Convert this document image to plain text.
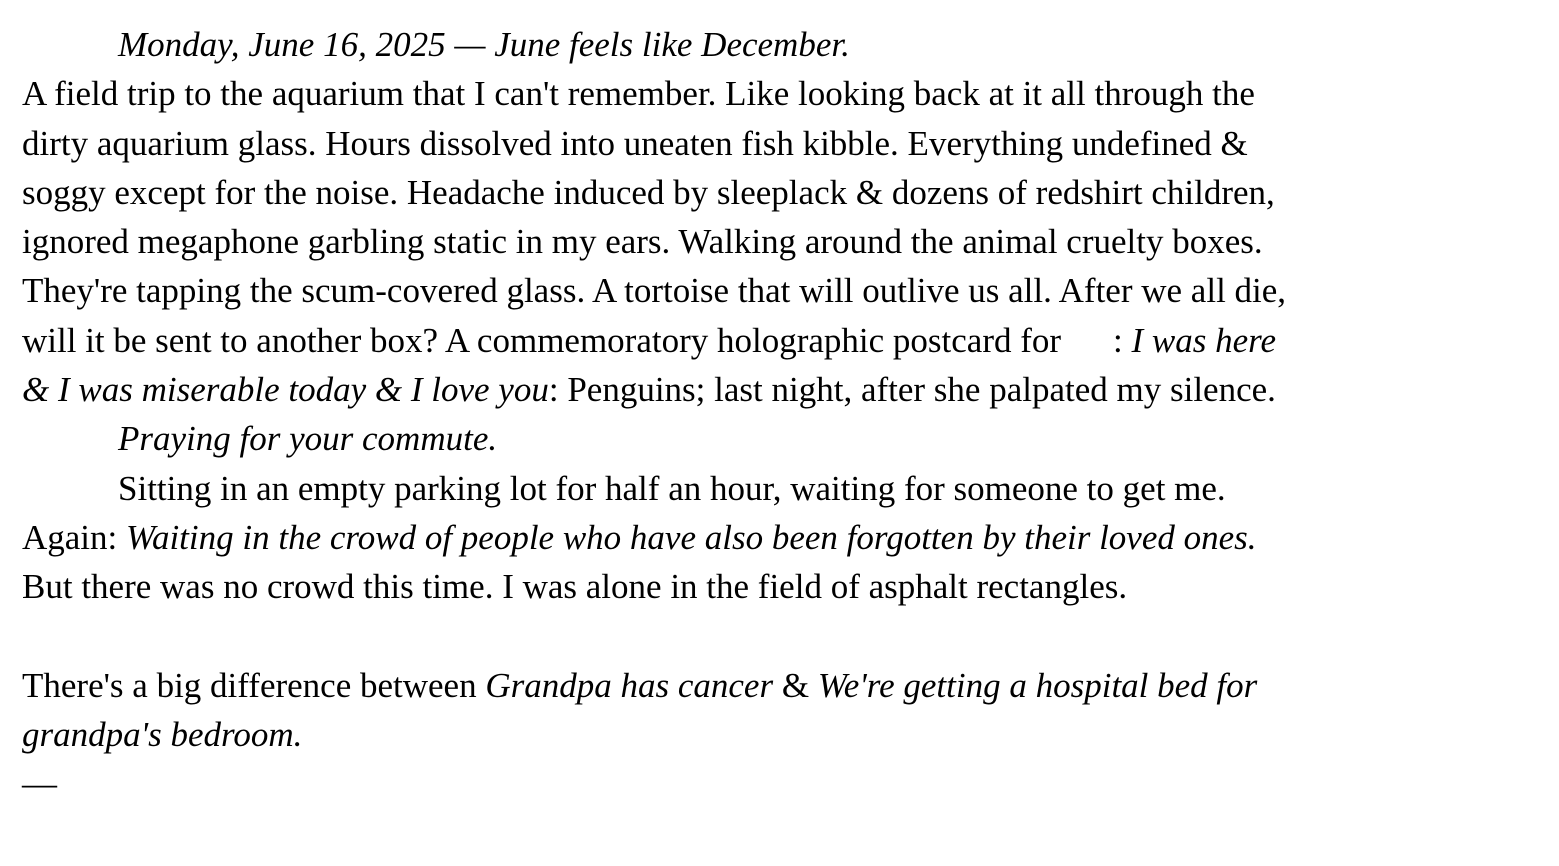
Monday, June 16, 2025 — June feels like December.
A field trip to the aquarium that I can't remember. Like looking back at it all through the
dirty aquarium glass. Hours dissolved into uneaten fish kibble. Everything undefined &
soggy except for the noise. Headache induced by sleeplack & dozens of redshirt children,
ignored megaphone garbling static in my ears. Walking around the animal cruelty boxes.
They're tapping the scum-covered glass. A tortoise that will outlive us all. After we all die,
will it be sent to another box? A commemoratory holographic postcard for : I was here
& I was miserable today & I love you: Penguins; last night, after she palpated my silence.
Praying for your commute.
Sitting in an empty parking lot for half an hour, waiting for someone to get me.
Again: Waiting in the crowd of people who have also been forgotten by their loved ones.
But there was no crowd this time. I was alone in the field of asphalt rectangles.
There's a big difference between Grandpa has cancer & We're getting a hospital bed for
grandpa's bedroom.
—
